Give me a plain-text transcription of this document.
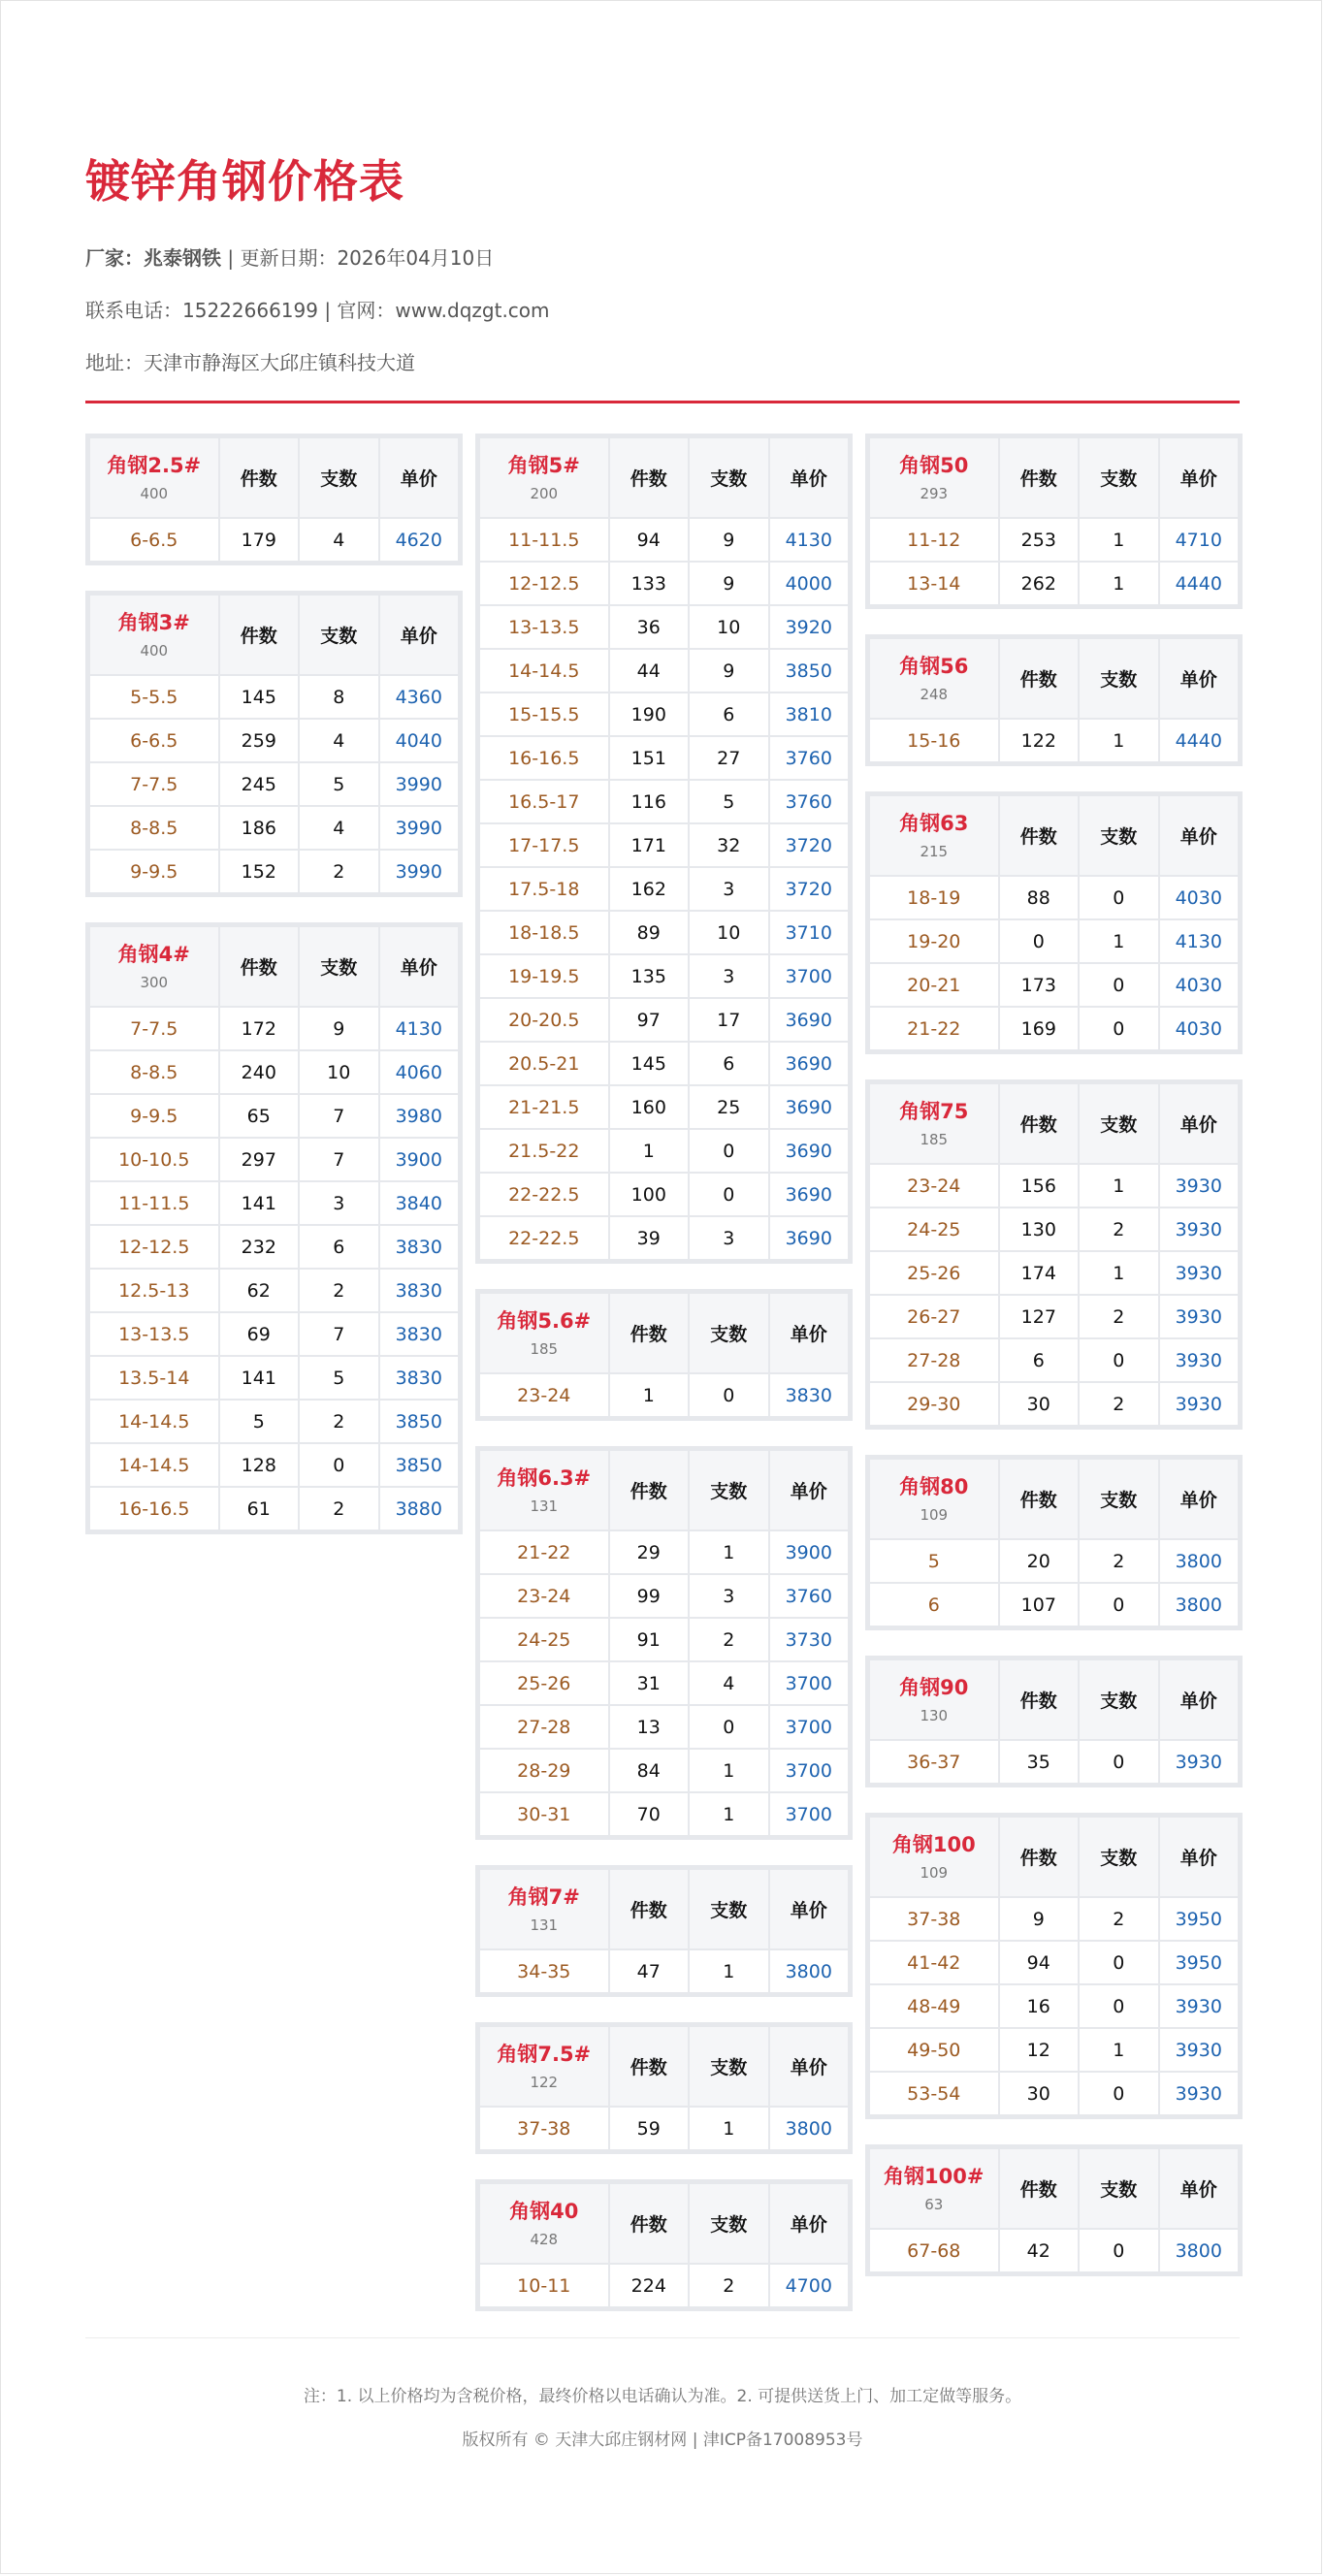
镀锌角钢价格表
厂家：兆泰钢铁 | 更新日期：2026年04月10日
联系电话：15222666199 | 官网：www.dqzgt.com
地址：天津市静海区大邱庄镇科技大道
角钢2.5#
400	件数	支数	单价
6-6.5	179	4	4620
角钢3#
400	件数	支数	单价
5-5.5	145	8	4360
6-6.5	259	4	4040
7-7.5	245	5	3990
8-8.5	186	4	3990
9-9.5	152	2	3990
角钢4#
300	件数	支数	单价
7-7.5	172	9	4130
8-8.5	240	10	4060
9-9.5	65	7	3980
10-10.5	297	7	3900
11-11.5	141	3	3840
12-12.5	232	6	3830
12.5-13	62	2	3830
13-13.5	69	7	3830
13.5-14	141	5	3830
14-14.5	5	2	3850
14-14.5	128	0	3850
16-16.5	61	2	3880
角钢5#
200	件数	支数	单价
11-11.5	94	9	4130
12-12.5	133	9	4000
13-13.5	36	10	3920
14-14.5	44	9	3850
15-15.5	190	6	3810
16-16.5	151	27	3760
16.5-17	116	5	3760
17-17.5	171	32	3720
17.5-18	162	3	3720
18-18.5	89	10	3710
19-19.5	135	3	3700
20-20.5	97	17	3690
20.5-21	145	6	3690
21-21.5	160	25	3690
21.5-22	1	0	3690
22-22.5	100	0	3690
22-22.5	39	3	3690
角钢5.6#
185	件数	支数	单价
23-24	1	0	3830
角钢6.3#
131	件数	支数	单价
21-22	29	1	3900
23-24	99	3	3760
24-25	91	2	3730
25-26	31	4	3700
27-28	13	0	3700
28-29	84	1	3700
30-31	70	1	3700
角钢7#
131	件数	支数	单价
34-35	47	1	3800
角钢7.5#
122	件数	支数	单价
37-38	59	1	3800
角钢40
428	件数	支数	单价
10-11	224	2	4700
角钢50
293	件数	支数	单价
11-12	253	1	4710
13-14	262	1	4440
角钢56
248	件数	支数	单价
15-16	122	1	4440
角钢63
215	件数	支数	单价
18-19	88	0	4030
19-20	0	1	4130
20-21	173	0	4030
21-22	169	0	4030
角钢75
185	件数	支数	单价
23-24	156	1	3930
24-25	130	2	3930
25-26	174	1	3930
26-27	127	2	3930
27-28	6	0	3930
29-30	30	2	3930
角钢80
109	件数	支数	单价
5	20	2	3800
6	107	0	3800
角钢90
130	件数	支数	单价
36-37	35	0	3930
角钢100
109	件数	支数	单价
37-38	9	2	3950
41-42	94	0	3950
48-49	16	0	3930
49-50	12	1	3930
53-54	30	0	3930
角钢100#
63	件数	支数	单价
67-68	42	0	3800
注：1. 以上价格均为含税价格，最终价格以电话确认为准。2. 可提供送货上门、加工定做等服务。
版权所有 © 天津大邱庄钢材网 | 津ICP备17008953号
